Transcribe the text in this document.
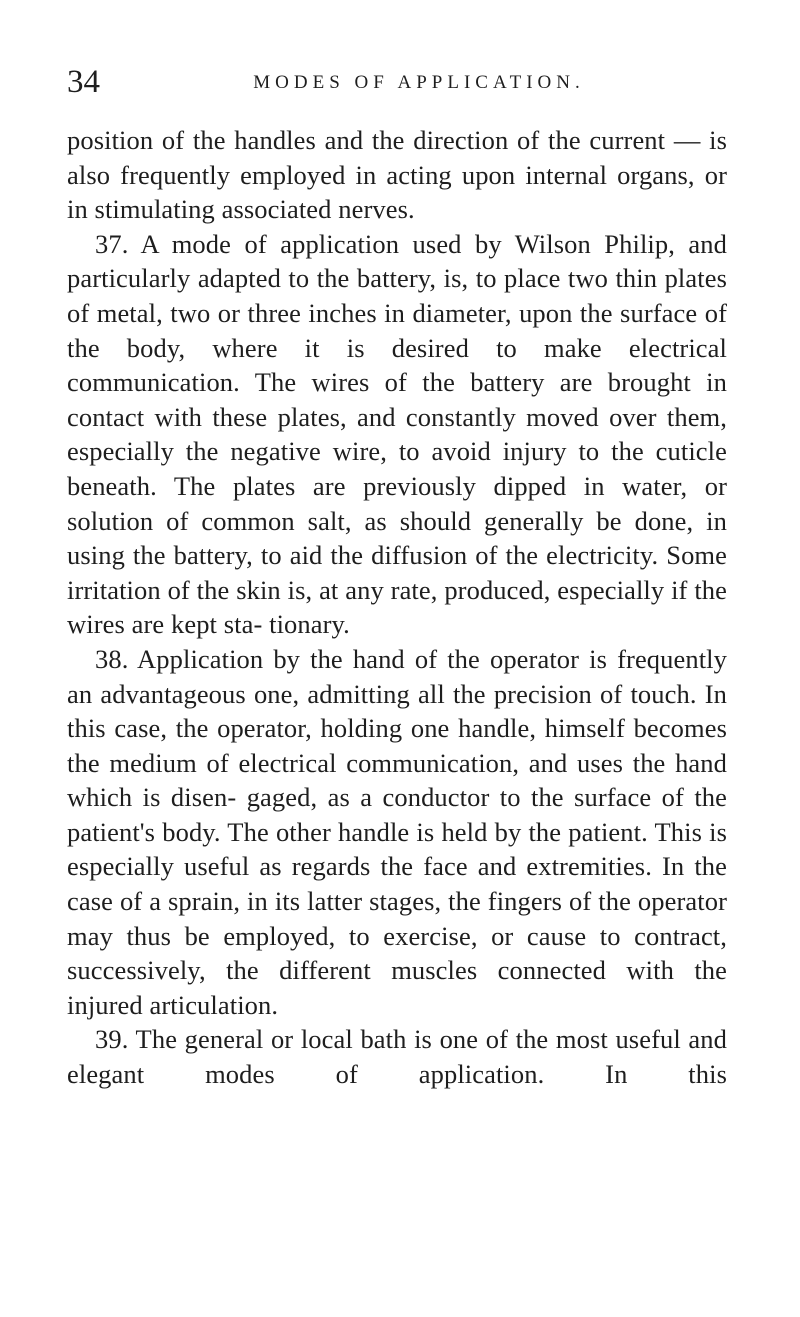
34	MODES OF APPLICATION.

position of the handles and the direction of the current — is also frequently employed in acting upon internal organs, or in stimulating associated nerves.

37. A mode of application used by Wilson Philip, and particularly adapted to the battery, is, to place two thin plates of metal, two or three inches in diameter, upon the surface of the body, where it is desired to make electrical communication. The wires of the battery are brought in contact with these plates, and constantly moved over them, especially the negative wire, to avoid injury to the cuticle beneath. The plates are previously dipped in water, or solution of common salt, as should generally be done, in using the battery, to aid the diffusion of the electricity. Some irritation of the skin is, at any rate, produced, especially if the wires are kept sta- tionary.

38. Application by the hand of the operator is frequently an advantageous one, admitting all the precision of touch. In this case, the operator, holding one handle, himself becomes the medium of electrical communication, and uses the hand which is disen- gaged, as a conductor to the surface of the patient's body. The other handle is held by the patient. This is especially useful as regards the face and extremities. In the case of a sprain, in its latter stages, the fingers of the operator may thus be employed, to exercise, or cause to contract, successively, the different muscles connected with the injured articulation.

39. The general or local bath is one of the most useful and elegant modes of application. In this
